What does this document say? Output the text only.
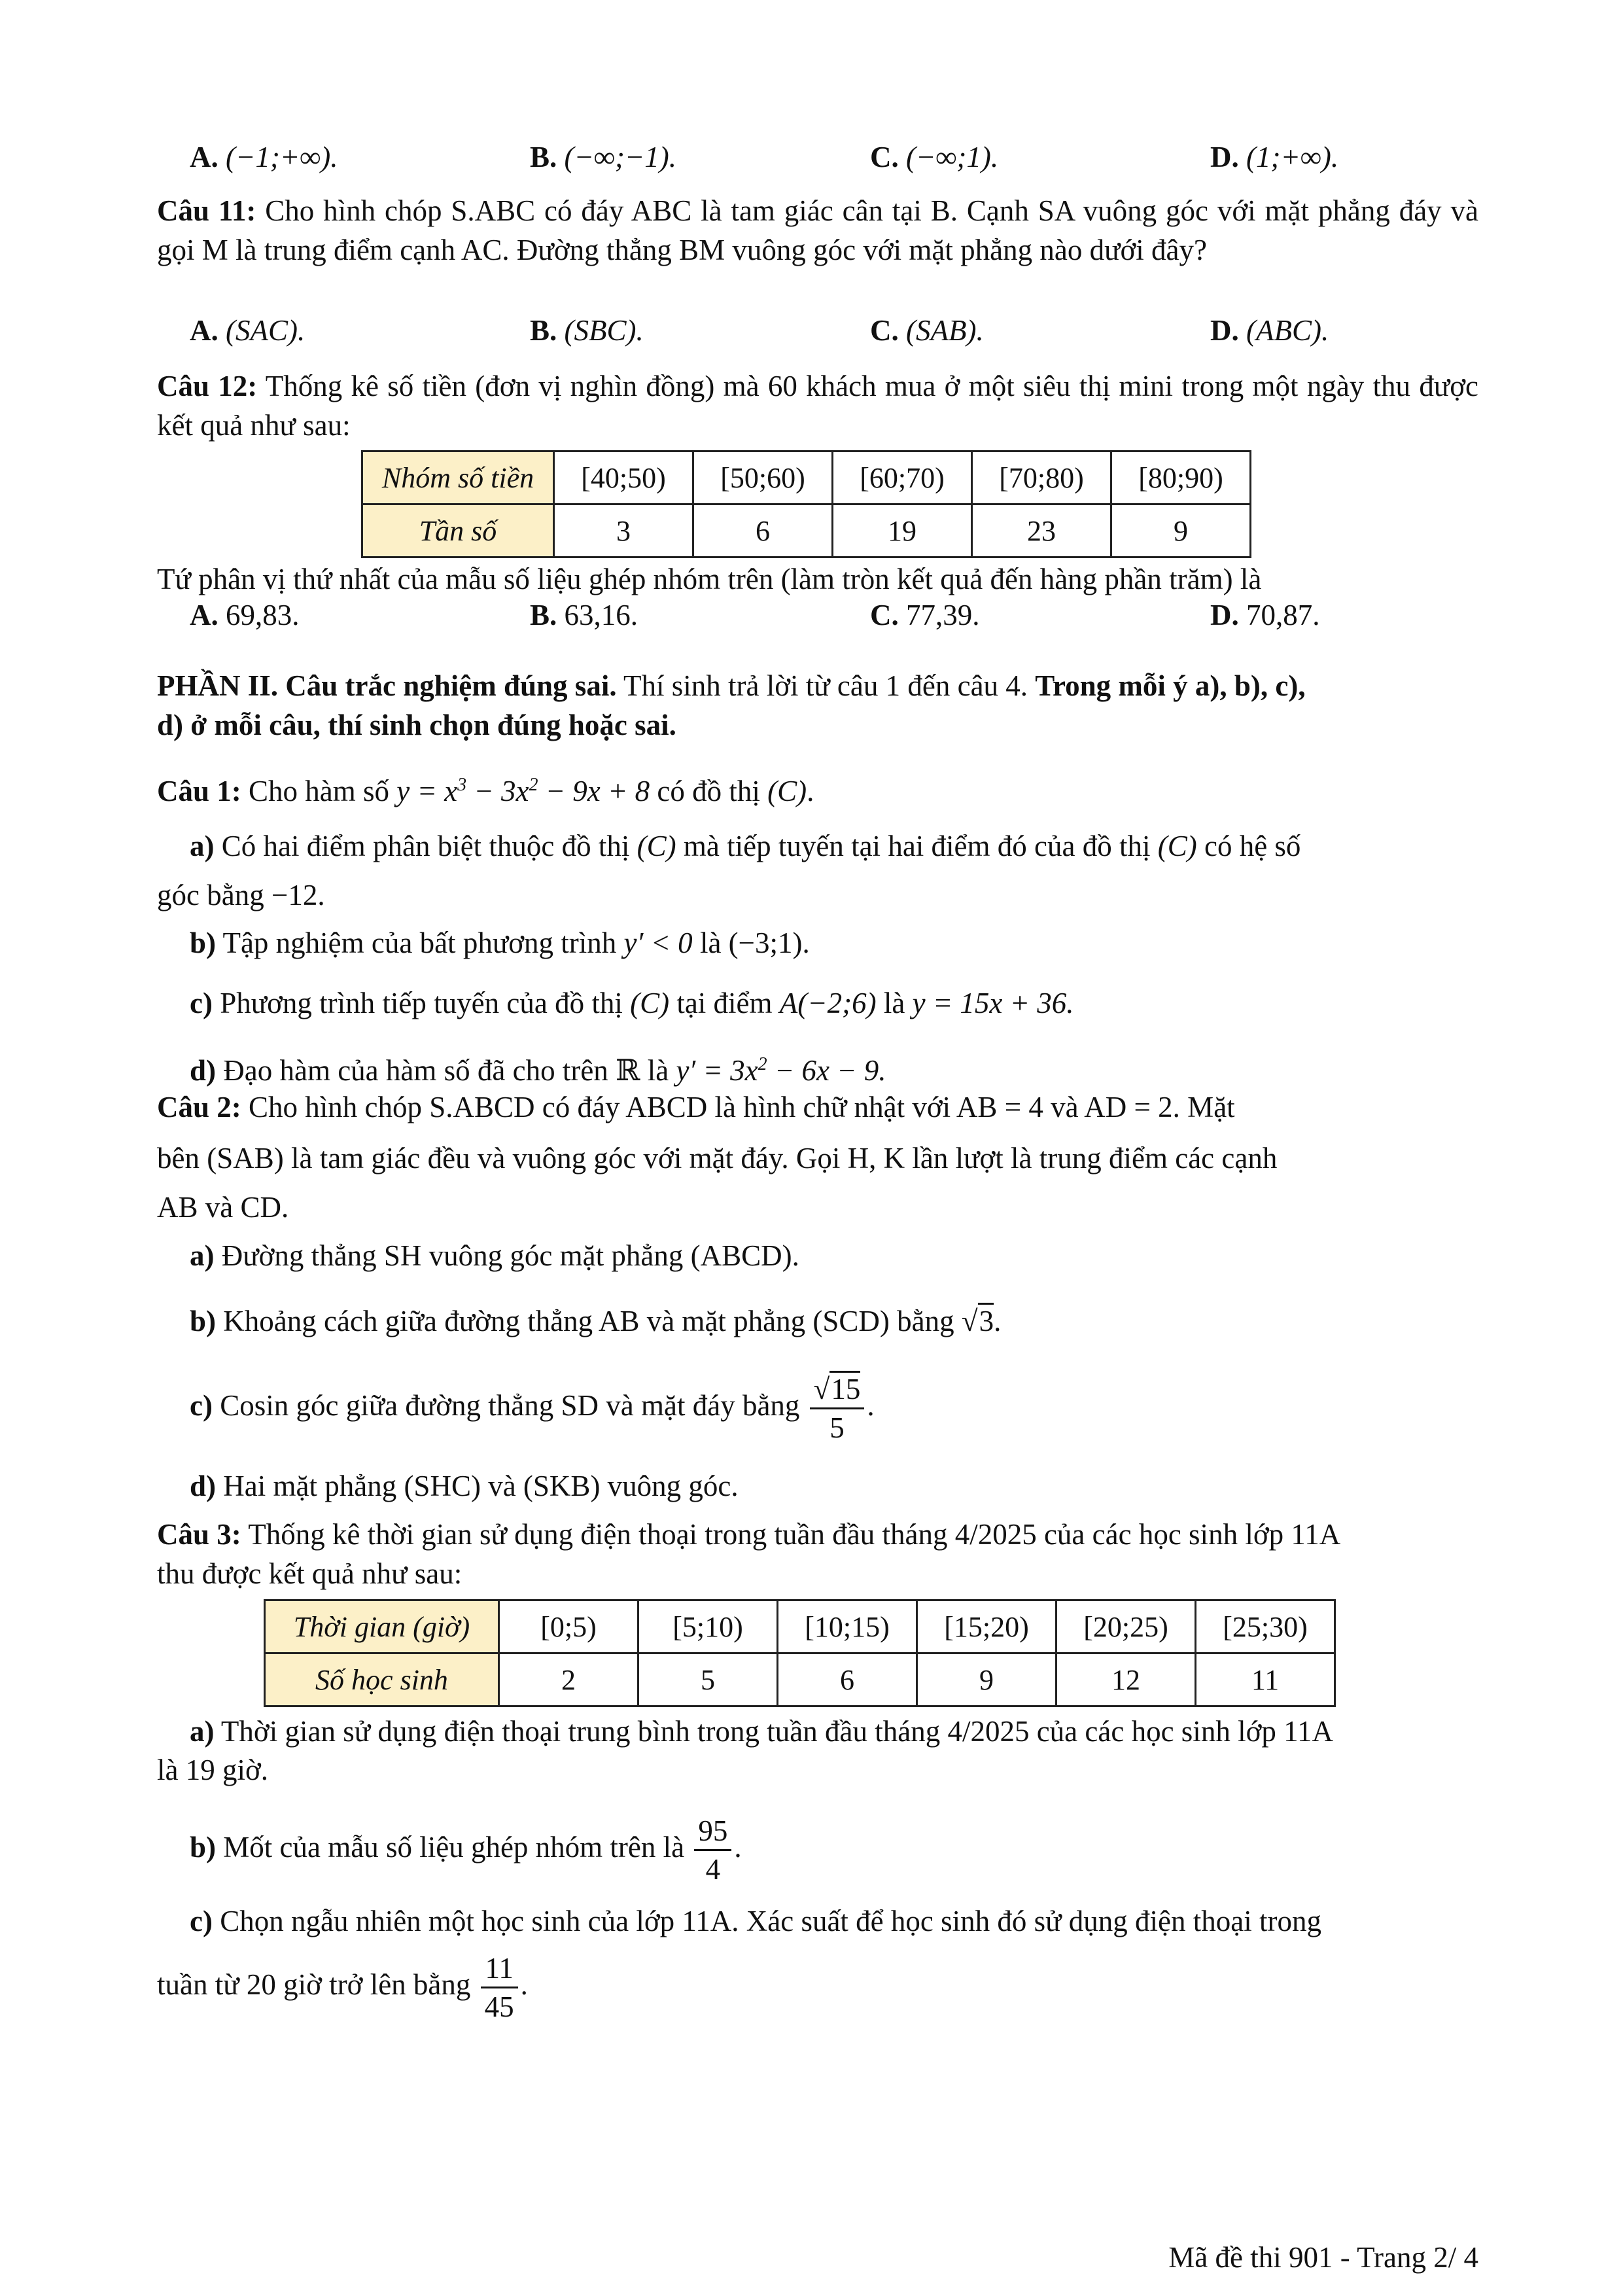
A. (−1;+∞).	B. (−∞;−1).	C. (−∞;1).	D. (1;+∞).
Câu 11: Cho hình chóp S.ABC có đáy ABC là tam giác cân tại B. Cạnh SA vuông góc với mặt phẳng đáy và gọi M là trung điểm cạnh AC. Đường thẳng BM vuông góc với mặt phẳng nào dưới đây?
A. (SAC).	B. (SBC).	C. (SAB).	D. (ABC).
Câu 12: Thống kê số tiền (đơn vị nghìn đồng) mà 60 khách mua ở một siêu thị mini trong một ngày thu được kết quả như sau:
Nhóm số tiền	[40;50)	[50;60)	[60;70)	[70;80)	[80;90)
Tần số	3	6	19	23	9
Tứ phân vị thứ nhất của mẫu số liệu ghép nhóm trên (làm tròn kết quả đến hàng phần trăm) là
A. 69,83.	B. 63,16.	C. 77,39.	D. 70,87.
PHẦN II. Câu trắc nghiệm đúng sai. Thí sinh trả lời từ câu 1 đến câu 4. Trong mỗi ý a), b), c),
d) ở mỗi câu, thí sinh chọn đúng hoặc sai.
Câu 1: Cho hàm số $y = x^3 - 3x^2 - 9x + 8$ có đồ thị (C).
a) Có hai điểm phân biệt thuộc đồ thị (C) mà tiếp tuyến tại hai điểm đó của đồ thị (C) có hệ số
góc bằng −12.
b) Tập nghiệm của bất phương trình y′ < 0 là (−3;1).
c) Phương trình tiếp tuyến của đồ thị (C) tại điểm A(−2;6) là y = 15x + 36.
d) Đạo hàm của hàm số đã cho trên ℝ là $y' = 3x^2 - 6x - 9$.
Câu 2: Cho hình chóp S.ABCD có đáy ABCD là hình chữ nhật với AB = 4 và AD = 2. Mặt
bên (SAB) là tam giác đều và vuông góc với mặt đáy. Gọi H, K lần lượt là trung điểm các cạnh
AB và CD.
a) Đường thẳng SH vuông góc mặt phẳng (ABCD).
b) Khoảng cách giữa đường thẳng AB và mặt phẳng (SCD) bằng √3.
c) Cosin góc giữa đường thẳng SD và mặt đáy bằng $\frac{√15}{5}$ .
d) Hai mặt phẳng (SHC) và (SKB) vuông góc.
Câu 3: Thống kê thời gian sử dụng điện thoại trong tuần đầu tháng 4/2025 của các học sinh lớp 11A
thu được kết quả như sau:
Thời gian (giờ)	[0;5)	[5;10)	[10;15)	[15;20)	[20;25)	[25;30)
Số học sinh	2	5	6	9	12	11
a) Thời gian sử dụng điện thoại trung bình trong tuần đầu tháng 4/2025 của các học sinh lớp 11A
là 19 giờ.
b) Mốt của mẫu số liệu ghép nhóm trên là $\frac{95}{4}$ .
c) Chọn ngẫu nhiên một học sinh của lớp 11A. Xác suất để học sinh đó sử dụng điện thoại trong
tuần từ 20 giờ trở lên bằng $\frac{11}{45}$ .
Mã đề thi 901 - Trang 2/ 4
